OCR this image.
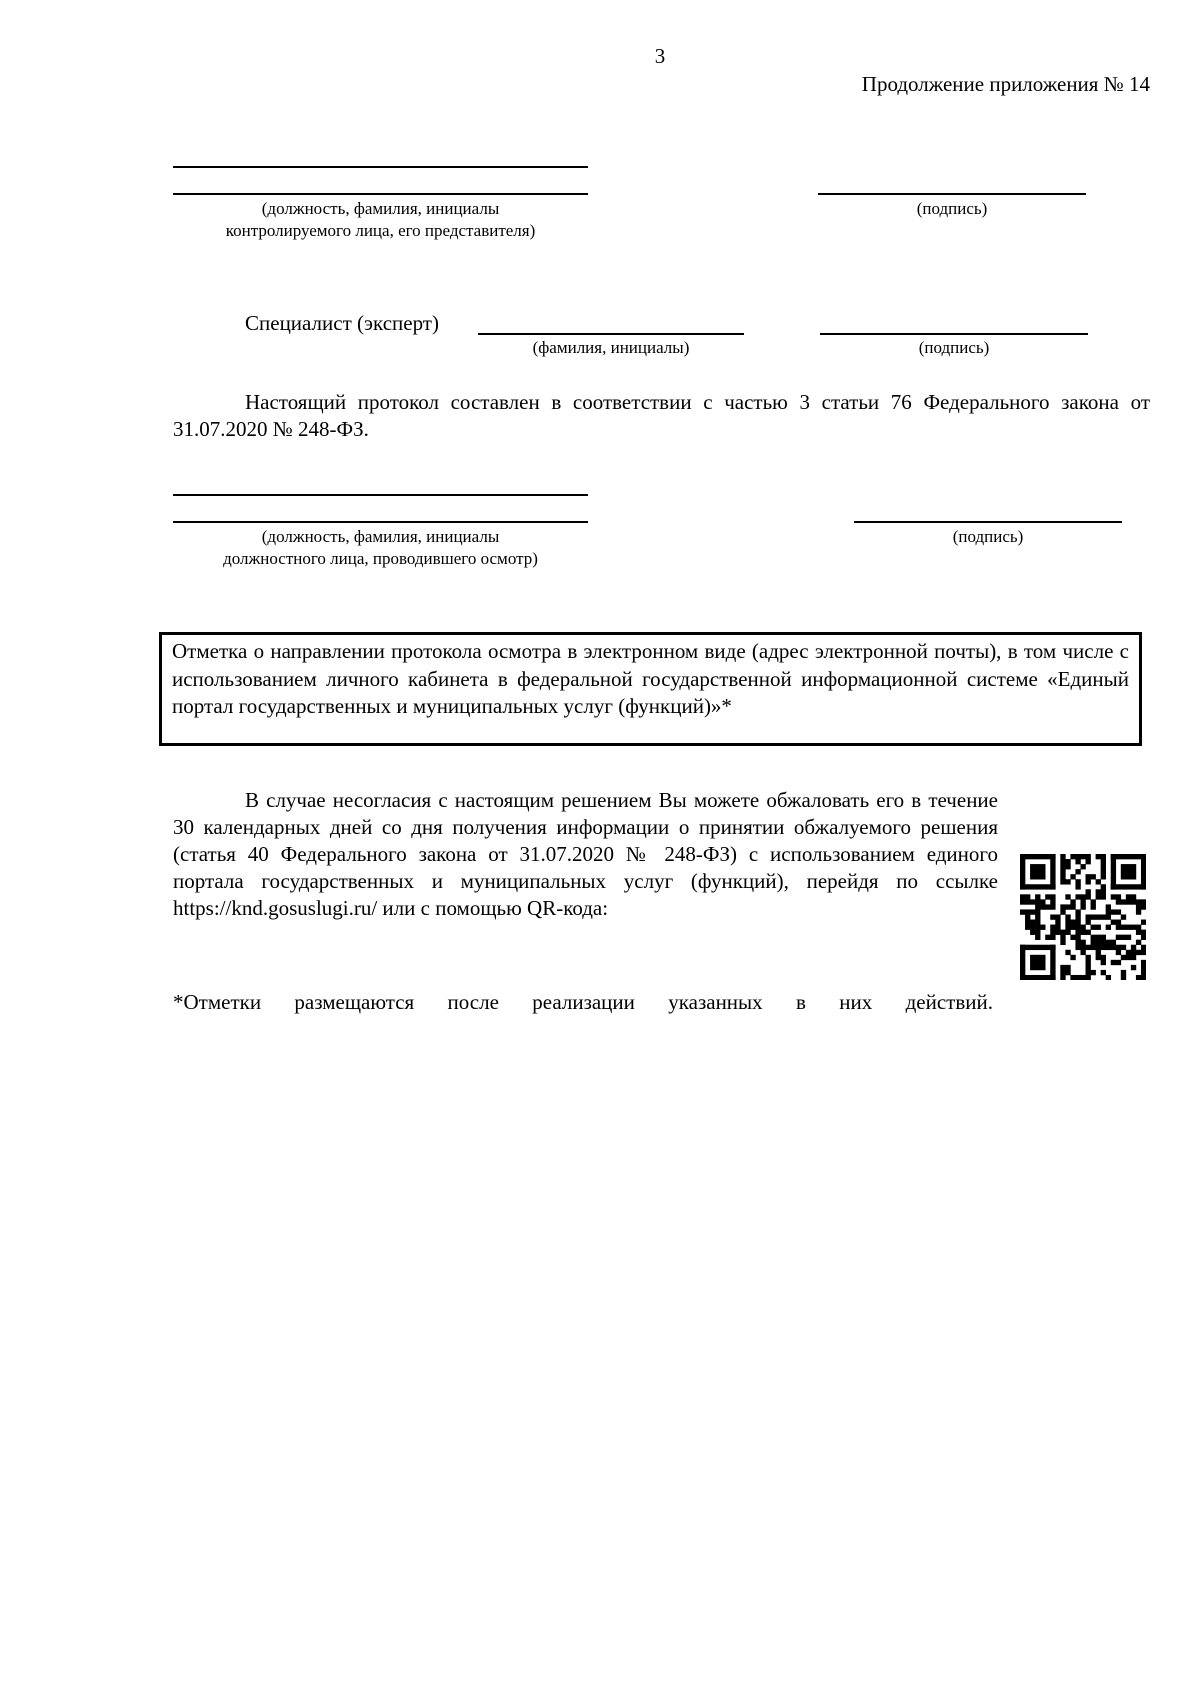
3
Продолжение приложения № 14
(должность, фамилия, инициалы
контролируемого лица, его представителя)
(подпись)
Специалист (эксперт)
(фамилия, инициалы)	(подпись)
Настоящий протокол составлен в соответствии с частью 3 статьи 76 Федерального закона от 31.07.2020 № 248-ФЗ.
(должность, фамилия, инициалы
должностного лица, проводившего осмотр)
(подпись)
Отметка о направлении протокола осмотра в электронном виде (адрес электронной почты), в том числе с использованием личного кабинета в федеральной государственной информационной системе «Единый портал государственных и муниципальных услуг (функций)»*
В случае несогласия с настоящим решением Вы можете обжаловать его в течение 30 календарных дней со дня получения информации о принятии обжалуемого решения (статья 40 Федерального закона от 31.07.2020 № 248-ФЗ) с использованием единого портала государственных и муниципальных услуг (функций), перейдя по ссылке https://knd.gosuslugi.ru/ или с помощью QR-кода:
*Отметки размещаются после реализации указанных в них действий.
